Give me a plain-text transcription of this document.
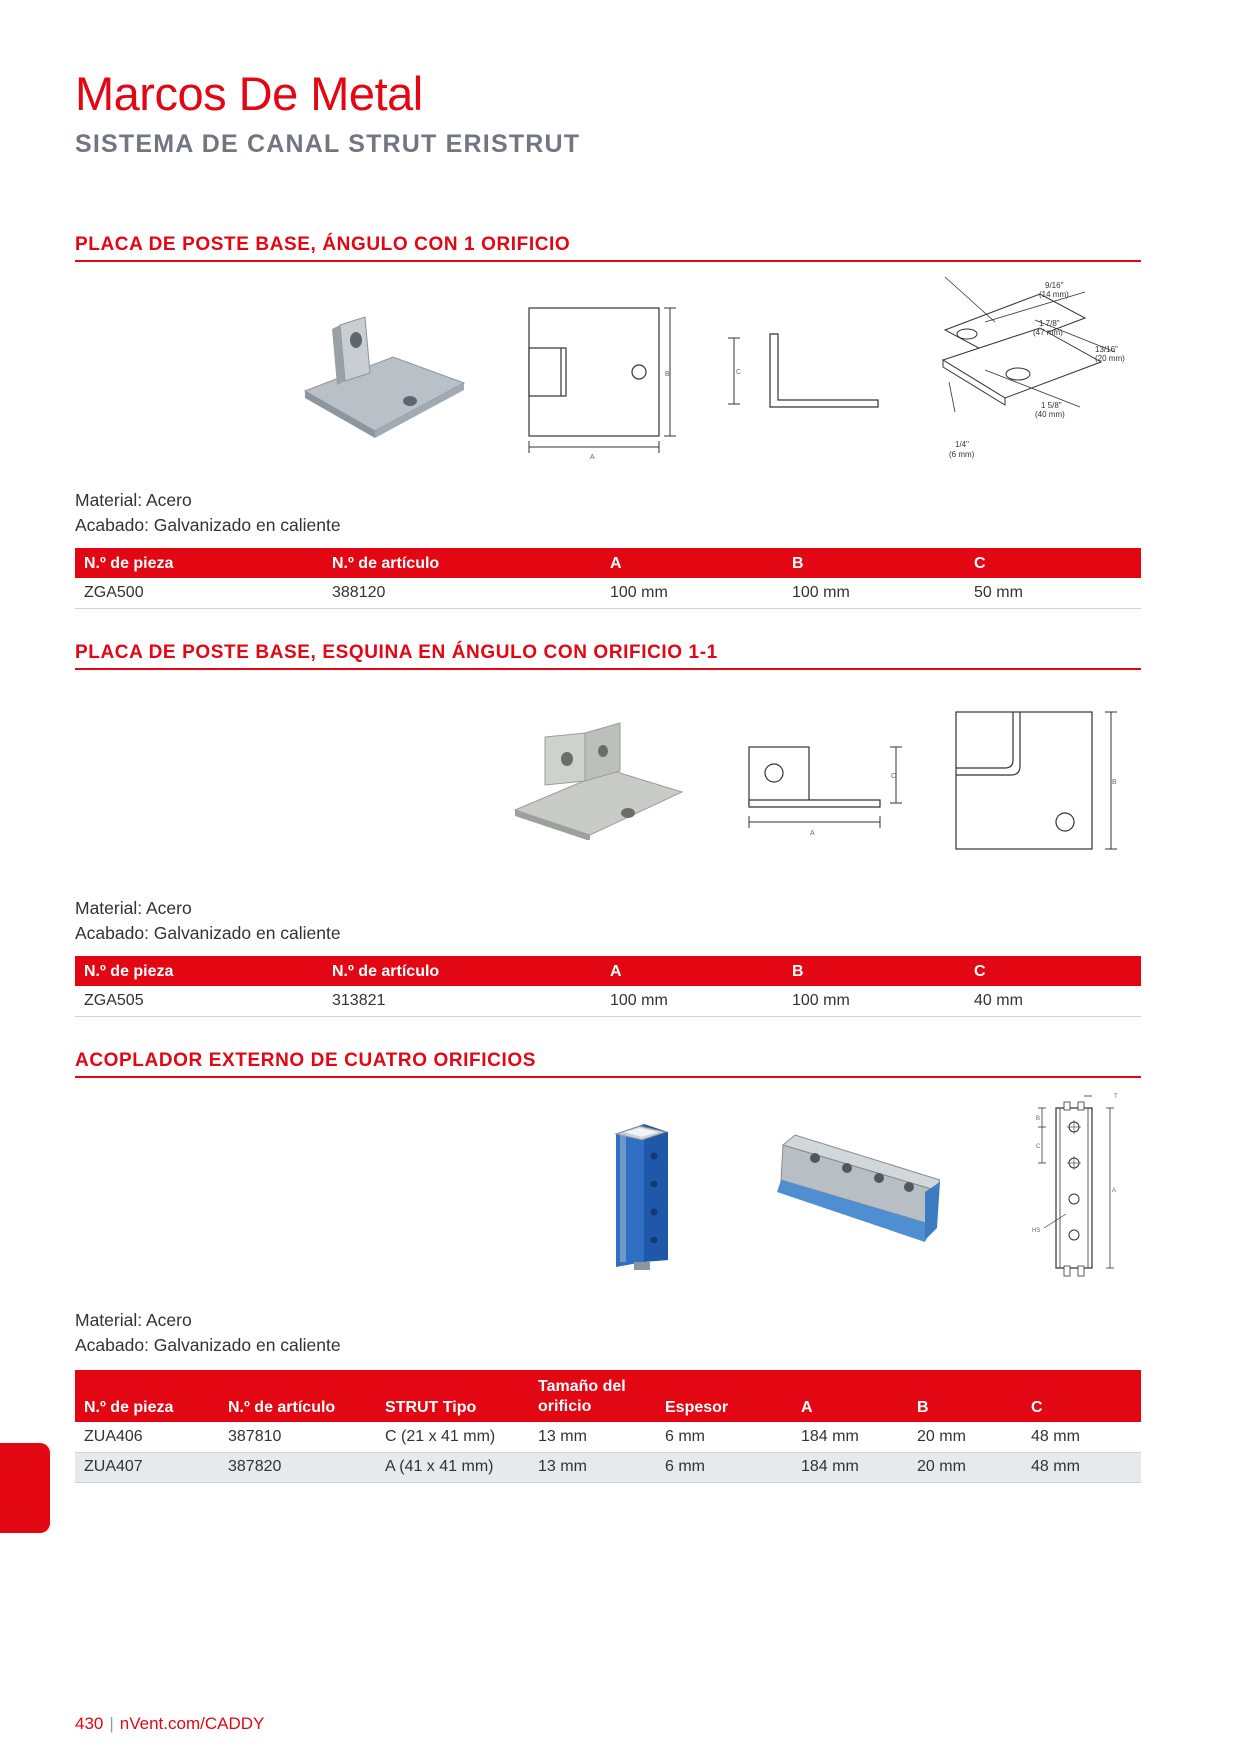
Marcos De Metal
SISTEMA DE CANAL STRUT ERISTRUT
PLACA DE POSTE BASE, ÁNGULO CON 1 ORIFICIO
B
A
C
9/16"
(14 mm)
1 7/8"
(47 mm)
13/16"
(20 mm)
1 5/8"
(40 mm)
1/4"
(6 mm)
Material: Acero
Acabado: Galvanizado en caliente
N.º de pieza	N.º de artículo	A	B	C
ZGA500	388120	100 mm	100 mm	50 mm
PLACA DE POSTE BASE, ESQUINA EN ÁNGULO CON ORIFICIO 1-1
C
A
B
Material: Acero
Acabado: Galvanizado en caliente
N.º de pieza	N.º de artículo	A	B	C
ZGA505	313821	100 mm	100 mm	40 mm
ACOPLADOR EXTERNO DE CUATRO ORIFICIOS
B
C
HS
A
T
Material: Acero
Acabado: Galvanizado en caliente
N.º de pieza	N.º de artículo	STRUT Tipo	Tamaño del orificio	Espesor	A	B	C
ZUA406	387810	C (21 x 41 mm)	13 mm	6 mm	184 mm	20 mm	48 mm
ZUA407	387820	A (41 x 41 mm)	13 mm	6 mm	184 mm	20 mm	48 mm
430 | nVent.com/CADDY
